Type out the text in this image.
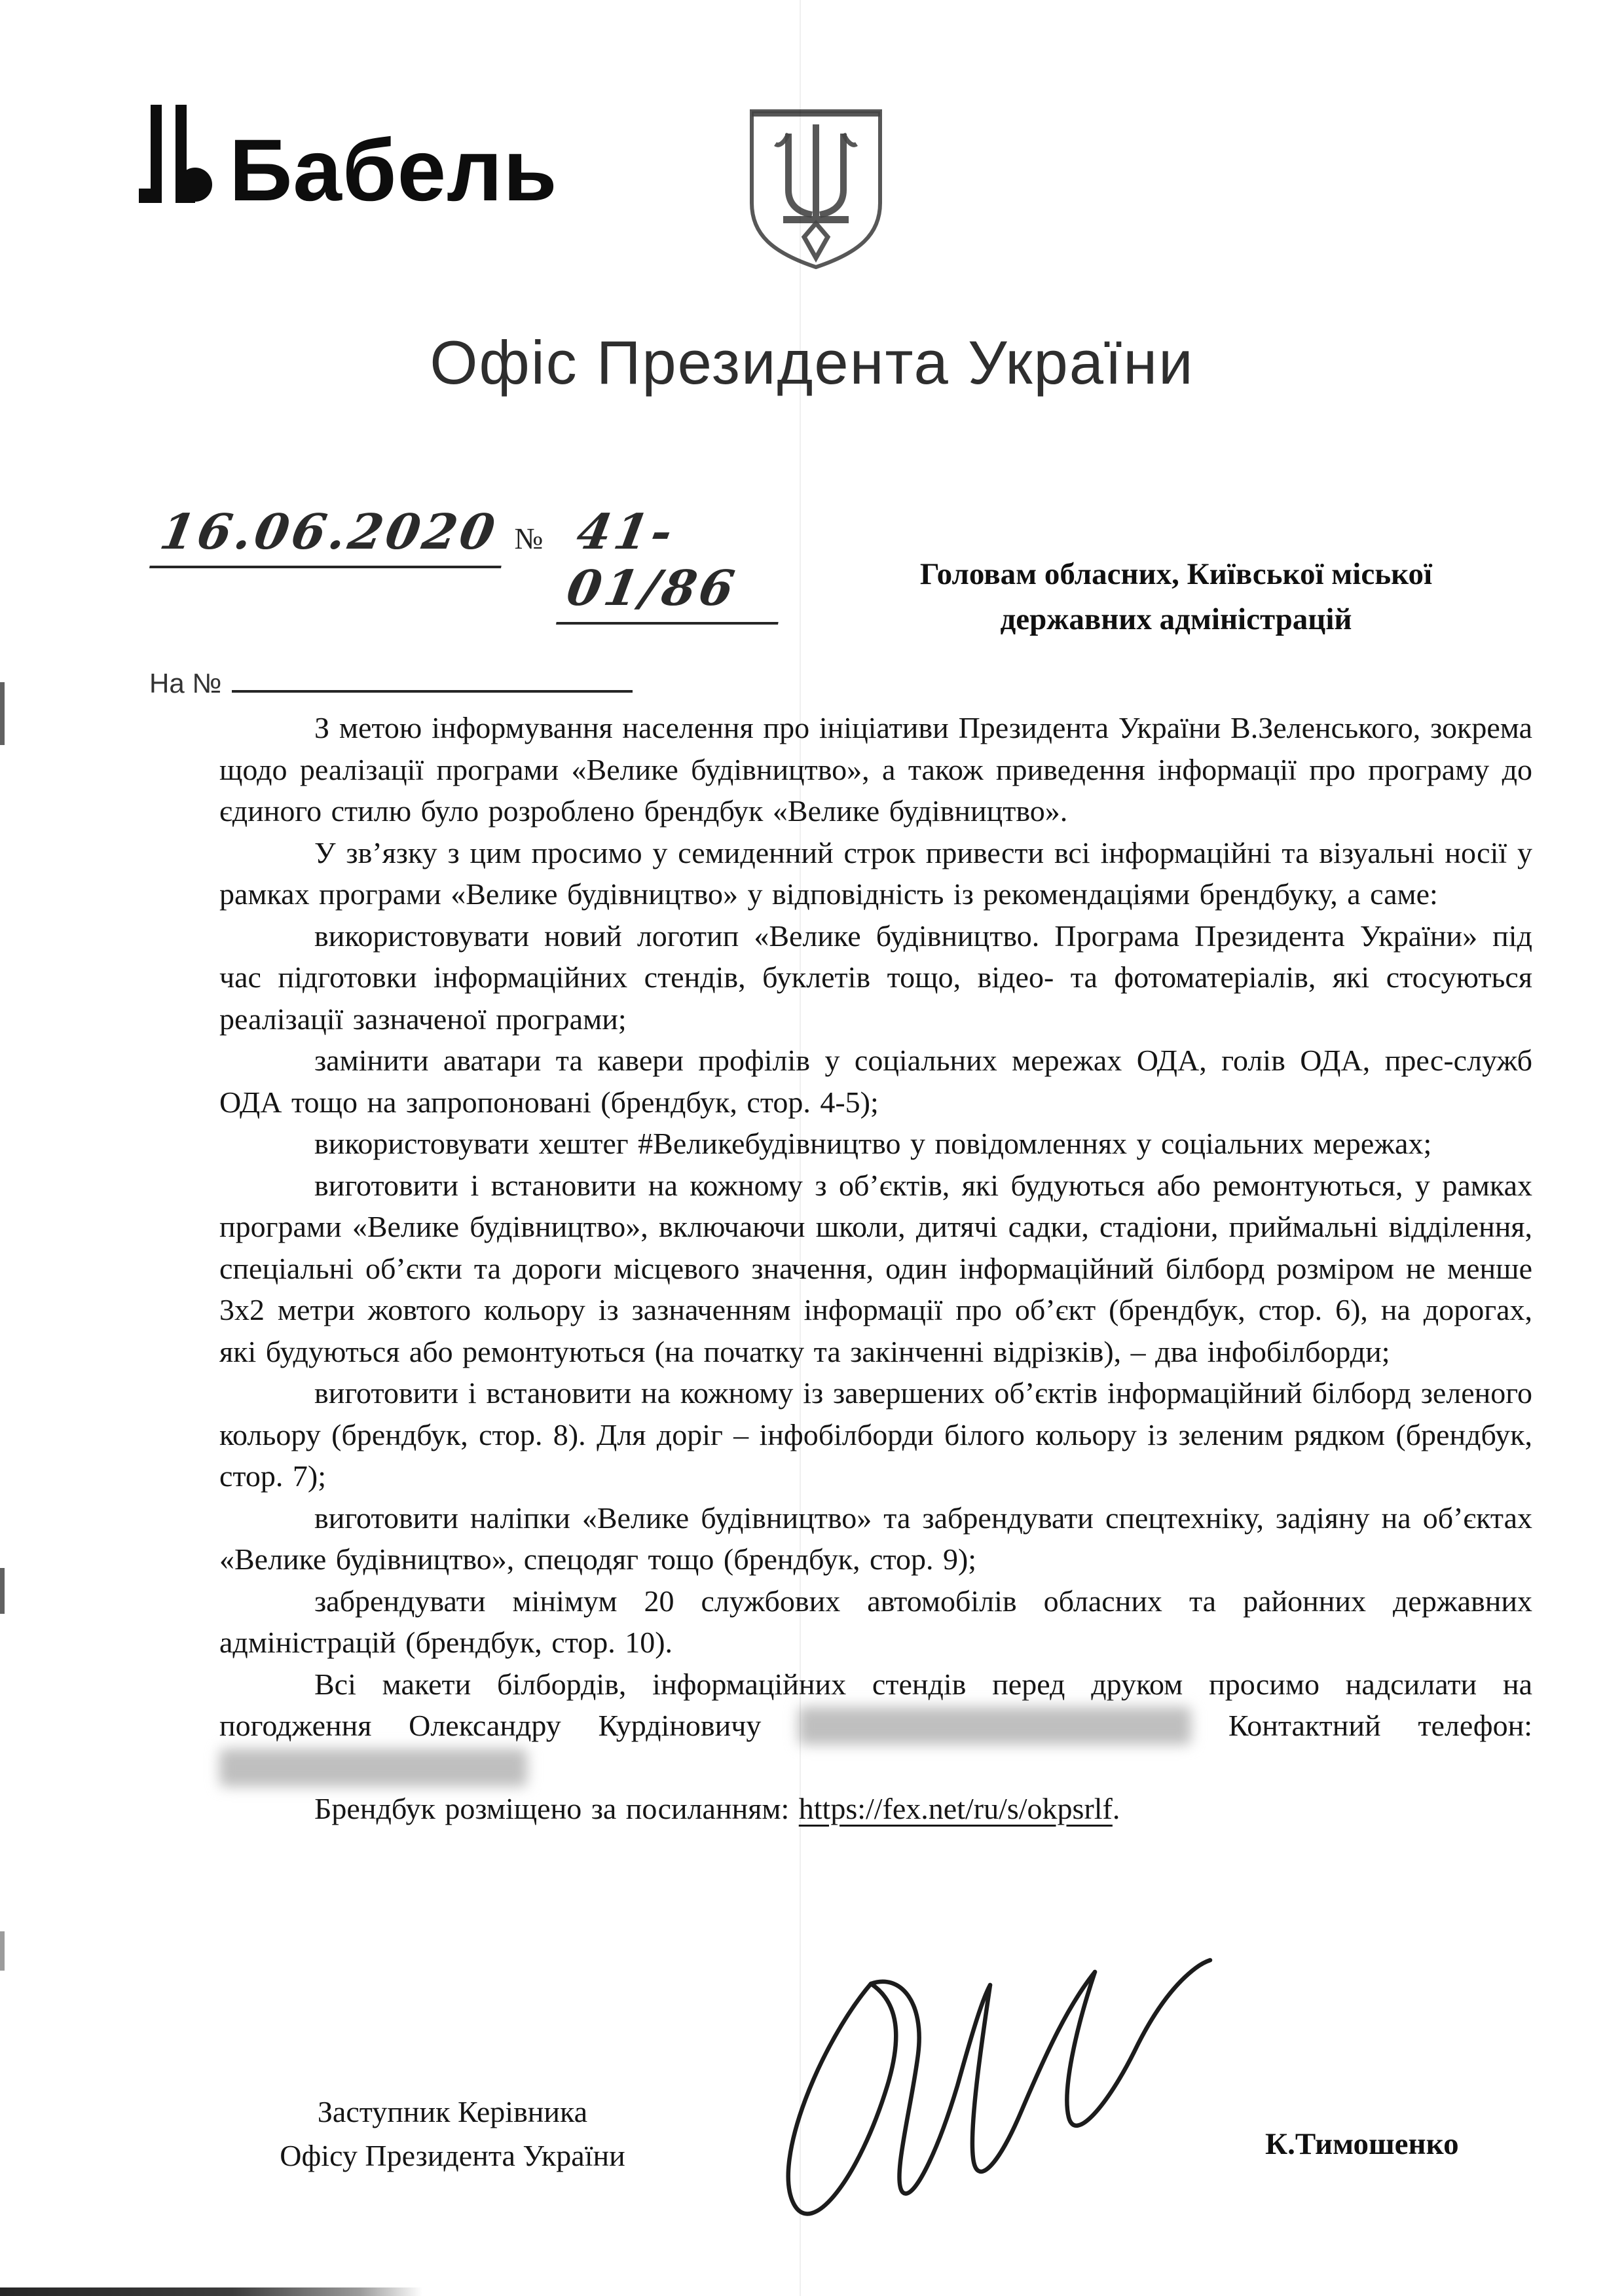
Бабель
Офіс Президента України
16.06.2020 № 41-01/86
На №
Головам обласних, Київської міської
державних адміністрацій

З метою інформування населення про ініціативи Президента України В.Зеленського, зокрема щодо реалізації програми «Велике будівництво», а також приведення інформації про програму до єдиного стилю було розроблено брендбук «Велике будівництво».

У зв’язку з цим просимо у семиденний строк привести всі інформаційні та візуальні носії у рамках програми «Велике будівництво» у відповідність із рекомендаціями брендбуку, а саме:

використовувати новий логотип «Велике будівництво. Програма Президента України» під час підготовки інформаційних стендів, буклетів тощо, відео- та фотоматеріалів, які стосуються реалізації зазначеної програми;

замінити аватари та кавери профілів у соціальних мережах ОДА, голів ОДА, прес-служб ОДА тощо на запропоновані (брендбук, стор. 4-5);

використовувати хештег #Великебудівництво у повідомленнях у соціальних мережах;

виготовити і встановити на кожному з об’єктів, які будуються або ремонтуються, у рамках програми «Велике будівництво», включаючи школи, дитячі садки, стадіони, приймальні відділення, спеціальні об’єкти та дороги місцевого значення, один інформаційний білборд розміром не менше 3х2 метри жовтого кольору із зазначенням інформації про об’єкт (брендбук, стор. 6), на дорогах, які будуються або ремонтуються (на початку та закінченні відрізків), – два інфобілборди;

виготовити і встановити на кожному із завершених об’єктів інформаційний білборд зеленого кольору (брендбук, стор. 8). Для доріг – інфобілборди білого кольору із зеленим рядком (брендбук, стор. 7);

виготовити наліпки «Велике будівництво» та забрендувати спецтехніку, задіяну на об’єктах «Велике будівництво», спецодяг тощо (брендбук, стор. 9);

забрендувати мінімум 20 службових автомобілів обласних та районних державних адміністрацій (брендбук, стор. 10).

Всі макети білбордів, інформаційних стендів перед друком просимо надсилати на погодження Олександру Курдіновичу	Контактний телефон:

Брендбук розміщено за посиланням: https://fex.net/ru/s/okpsrlf.

Заступник Керівника
Офісу Президента України	К.Тимошенко
